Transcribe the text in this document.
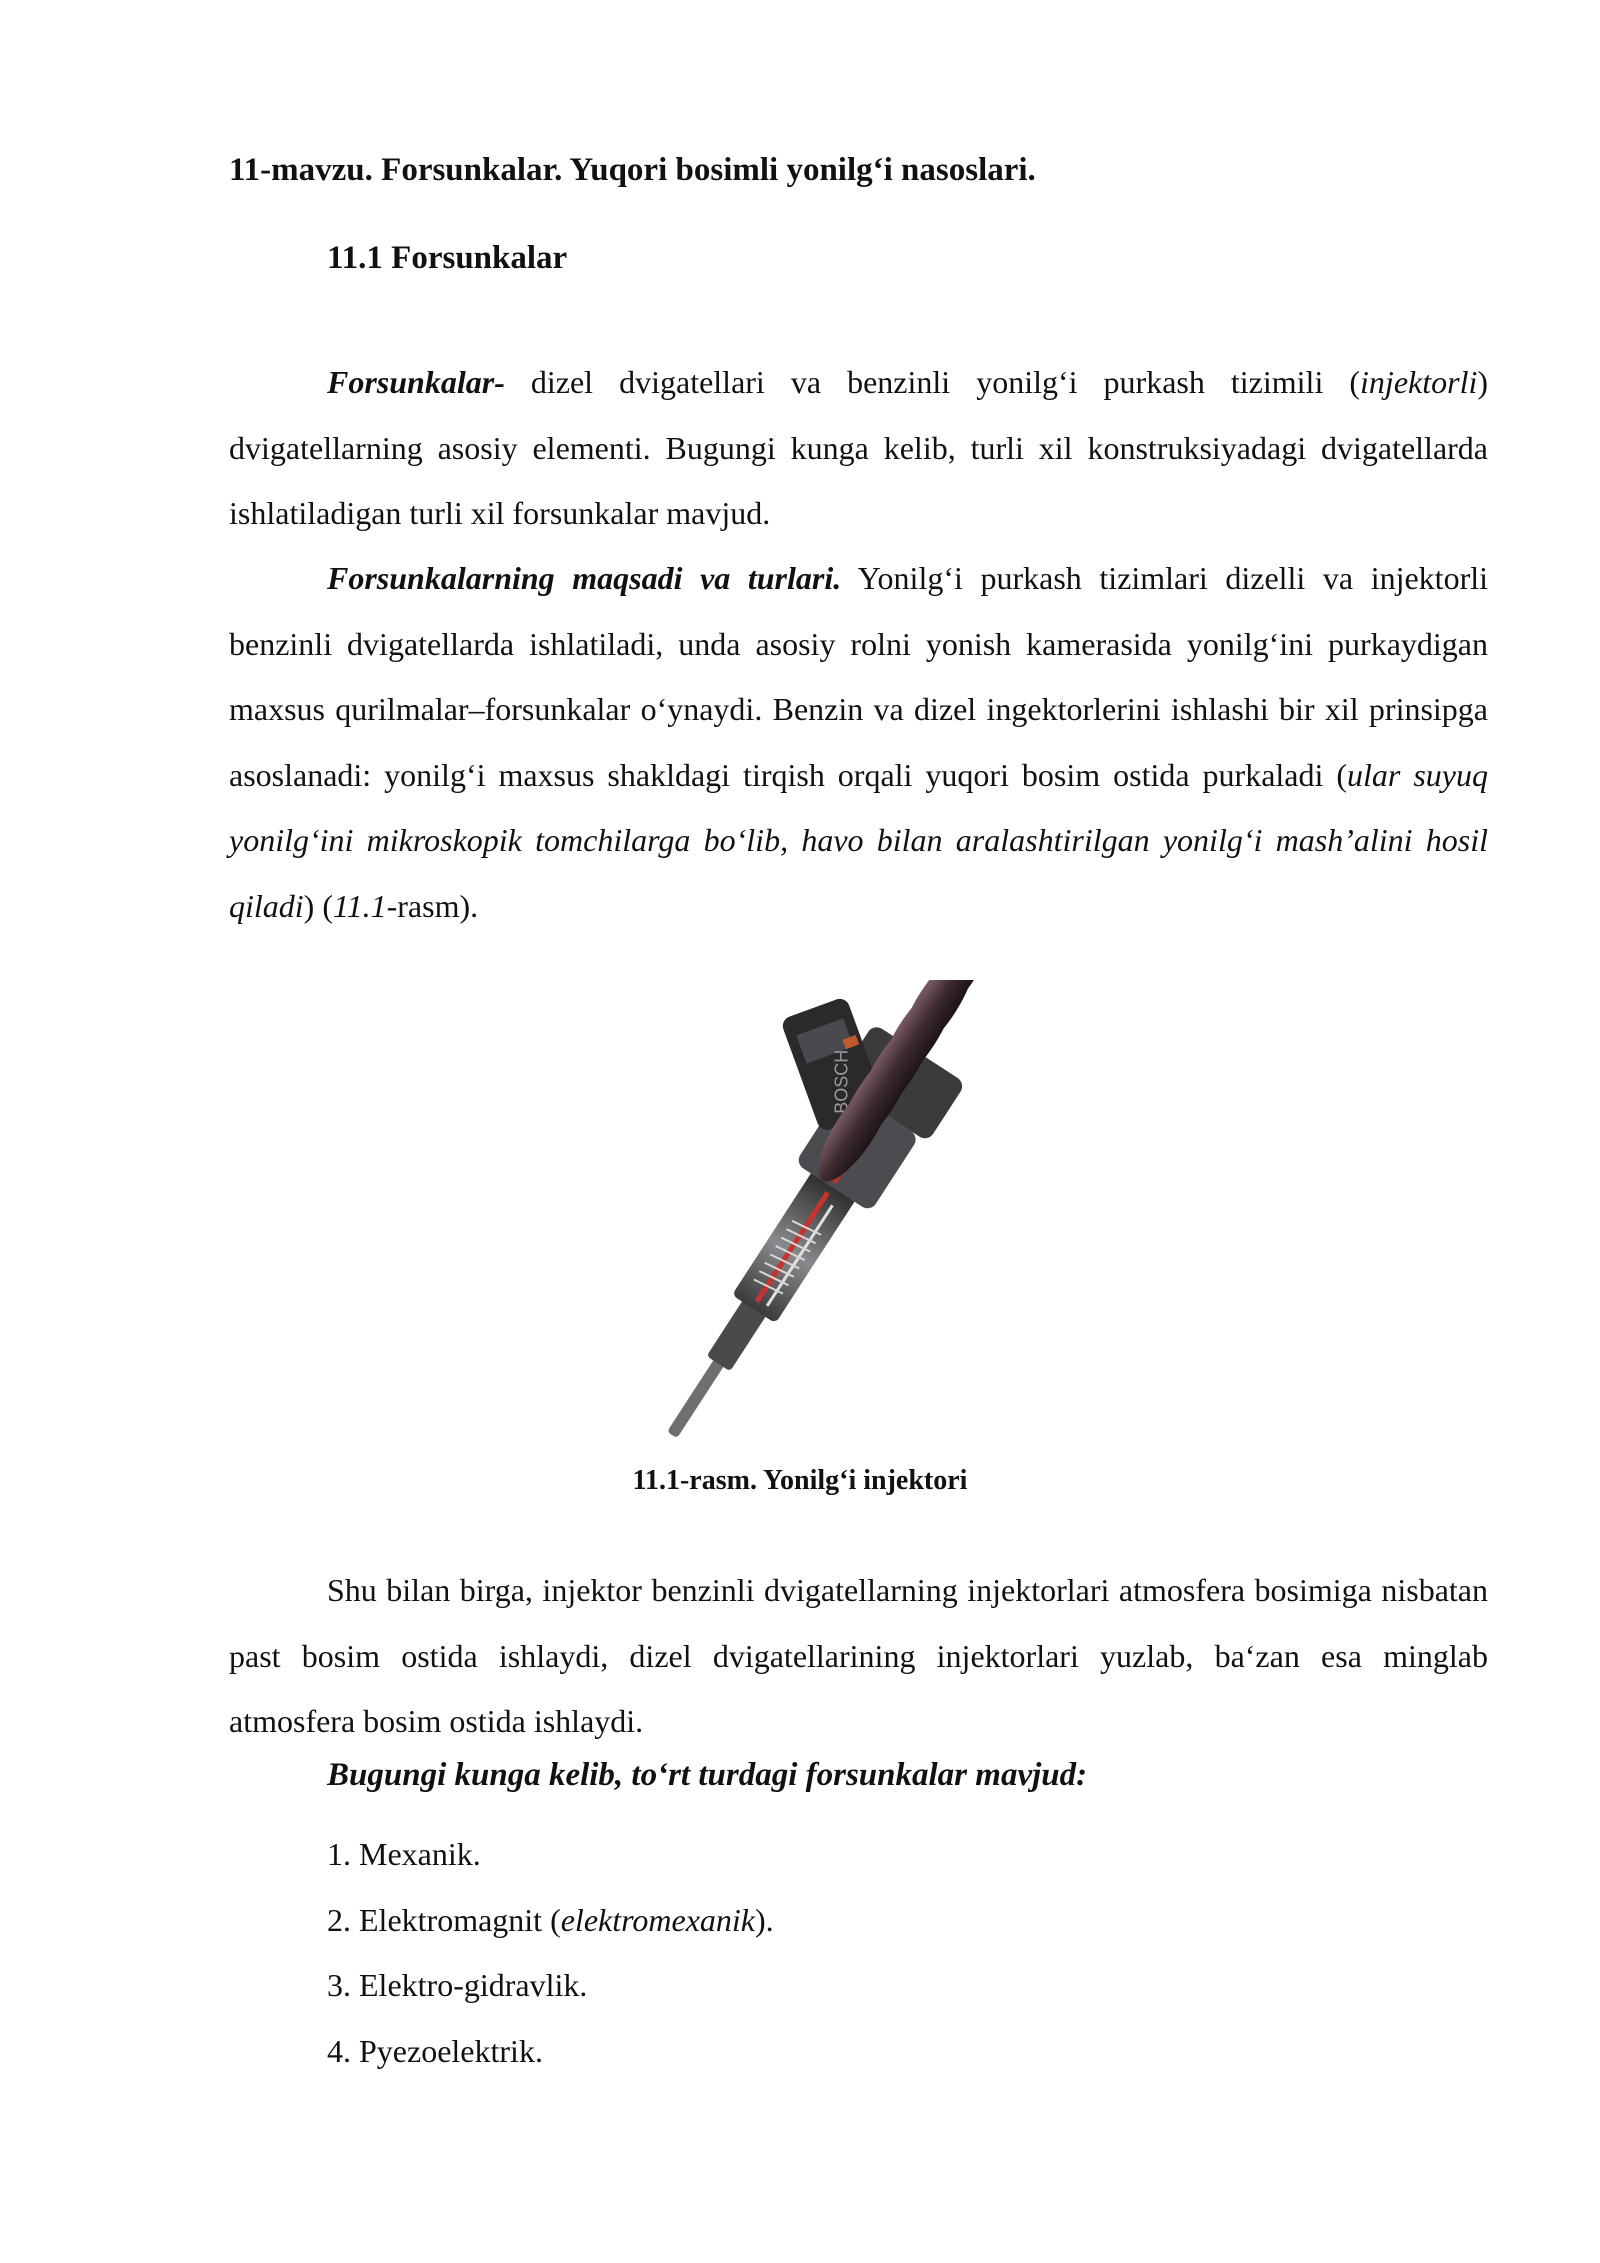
11-mavzu. Forsunkalar. Yuqori bosimli yonilg‘i nasoslari.
11.1 Forsunkalar

Forsunkalar- dizel dvigatellari va benzinli yonilg‘i purkash tizimili (injektorli) dvigatellarning asosiy elementi. Bugungi kunga kelib, turli xil konstruksiyadagi dvigatellarda ishlatiladigan turli xil forsunkalar mavjud.

Forsunkalarning maqsadi va turlari. Yonilg‘i purkash tizimlari dizelli va injektorli benzinli dvigatellarda ishlatiladi, unda asosiy rolni yonish kamerasida yonilg‘ini purkaydigan maxsus qurilmalar–forsunkalar o‘ynaydi. Benzin va dizel ingektorlerini ishlashi bir xil prinsipga asoslanadi: yonilg‘i maxsus shakldagi tirqish orqali yuqori bosim ostida purkaladi (ular suyuq yonilg‘ini mikroskopik tomchilarga bo‘lib, havo bilan aralashtirilgan yonilg‘i mash’alini hosil qiladi) (11.1-rasm).

BOSCH
11.1-rasm. Yonilg‘i injektori

Shu bilan birga, injektor benzinli dvigatellarning injektorlari atmosfera bosimiga nisbatan past bosim ostida ishlaydi, dizel dvigatellarining injektorlari yuzlab, ba‘zan esa minglab atmosfera bosim ostida ishlaydi.

Bugungi kunga kelib, to‘rt turdagi forsunkalar mavjud:
1. Mexanik.
2. Elektromagnit (elektromexanik).
3. Elektro-gidravlik.
4. Pyezoelektrik.
